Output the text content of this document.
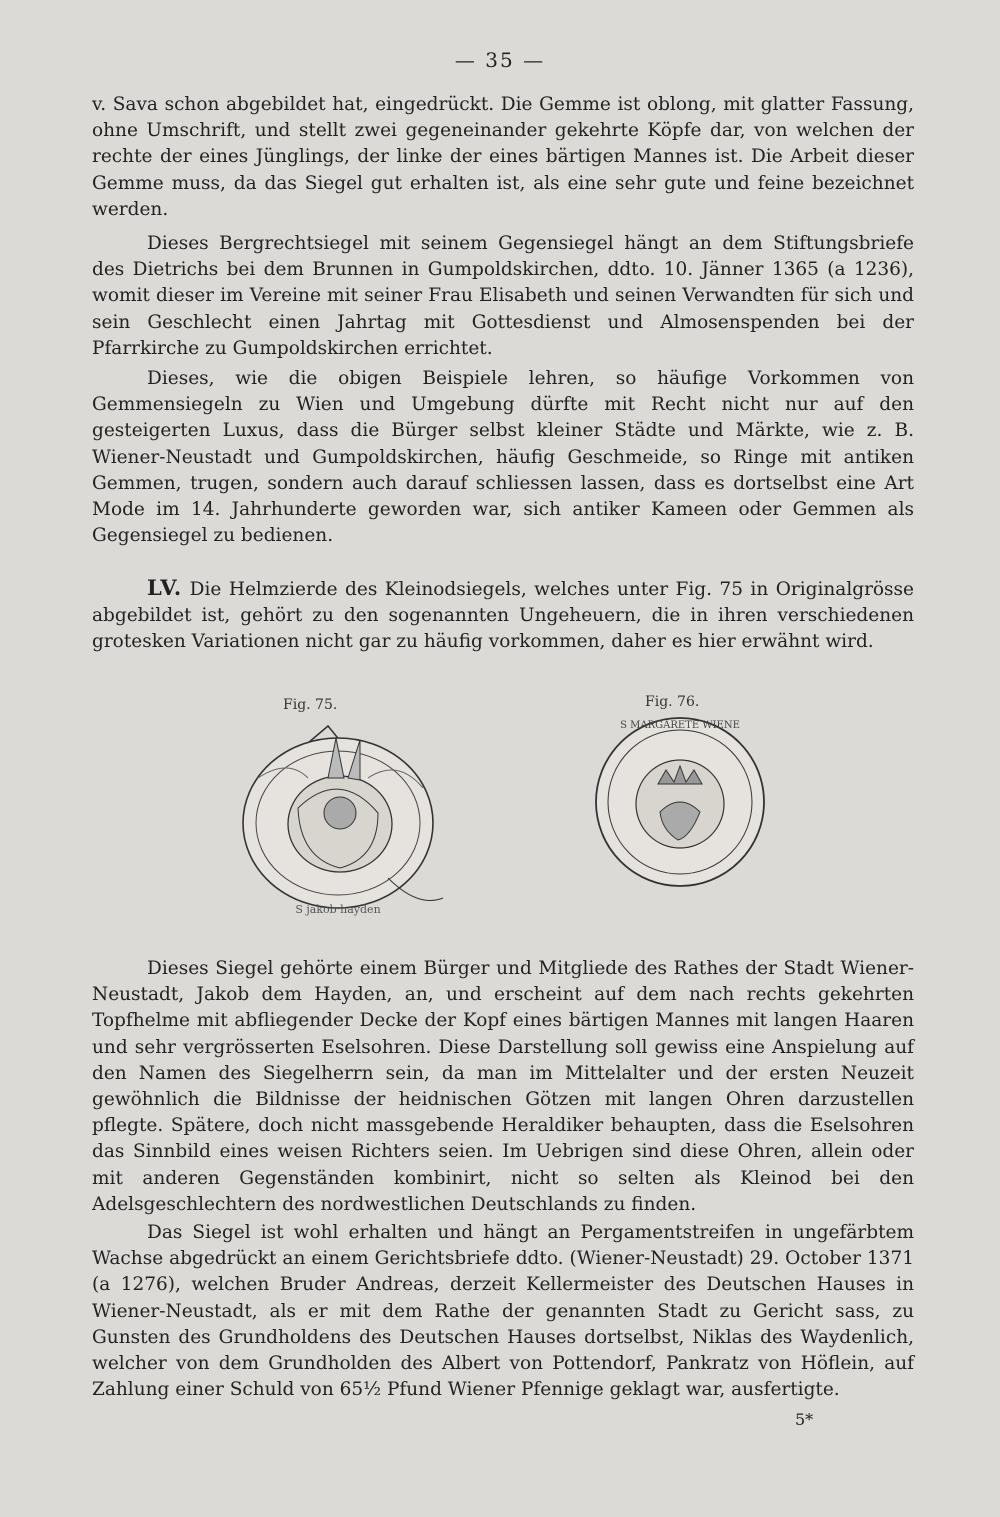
— 35 —

v. Sava schon abgebildet hat, eingedrückt. Die Gemme ist oblong, mit glatter Fassung, ohne Umschrift, und stellt zwei gegeneinander gekehrte Köpfe dar, von welchen der rechte der eines Jünglings, der linke der eines bärtigen Mannes ist. Die Arbeit dieser Gemme muss, da das Siegel gut erhalten ist, als eine sehr gute und feine bezeichnet werden.

Dieses Bergrechtsiegel mit seinem Gegensiegel hängt an dem Stiftungsbriefe des Dietrichs bei dem Brunnen in Gumpoldskirchen, ddto. 10. Jänner 1365 (a 1236), womit dieser im Vereine mit seiner Frau Elisabeth und seinen Verwandten für sich und sein Geschlecht einen Jahrtag mit Gottesdienst und Almosenspenden bei der Pfarrkirche zu Gumpoldskirchen errichtet.

Dieses, wie die obigen Beispiele lehren, so häufige Vorkommen von Gemmensiegeln zu Wien und Umgebung dürfte mit Recht nicht nur auf den gesteigerten Luxus, dass die Bürger selbst kleiner Städte und Märkte, wie z. B. Wiener-Neustadt und Gumpoldskirchen, häufig Geschmeide, so Ringe mit antiken Gemmen, trugen, sondern auch darauf schliessen lassen, dass es dortselbst eine Art Mode im 14. Jahrhunderte geworden war, sich antiker Kameen oder Gemmen als Gegensiegel zu bedienen.

LV. Die Helmzierde des Kleinodsiegels, welches unter Fig. 75 in Originalgrösse abgebildet ist, gehört zu den sogenannten Ungeheuern, die in ihren verschiedenen grotesken Variationen nicht gar zu häufig vorkommen, daher es hier erwähnt wird.

Fig. 75.	Fig. 76.
S jakob hayden
S MARGARETE WIENE

Dieses Siegel gehörte einem Bürger und Mitgliede des Rathes der Stadt Wiener-Neustadt, Jakob dem Hayden, an, und erscheint auf dem nach rechts gekehrten Topfhelme mit abfliegender Decke der Kopf eines bärtigen Mannes mit langen Haaren und sehr vergrösserten Eselsohren. Diese Darstellung soll gewiss eine Anspielung auf den Namen des Siegelherrn sein, da man im Mittelalter und der ersten Neuzeit gewöhnlich die Bildnisse der heidnischen Götzen mit langen Ohren darzustellen pflegte. Spätere, doch nicht massgebende Heraldiker behaupten, dass die Eselsohren das Sinnbild eines weisen Richters seien. Im Uebrigen sind diese Ohren, allein oder mit anderen Gegenständen kombinirt, nicht so selten als Kleinod bei den Adelsgeschlechtern des nordwestlichen Deutschlands zu finden.

Das Siegel ist wohl erhalten und hängt an Pergamentstreifen in ungefärbtem Wachse abgedrückt an einem Gerichtsbriefe ddto. (Wiener-Neustadt) 29. October 1371 (a 1276), welchen Bruder Andreas, derzeit Kellermeister des Deutschen Hauses in Wiener-Neustadt, als er mit dem Rathe der genannten Stadt zu Gericht sass, zu Gunsten des Grundholdens des Deutschen Hauses dortselbst, Niklas des Waydenlich, welcher von dem Grundholden des Albert von Pottendorf, Pankratz von Höflein, auf Zahlung einer Schuld von 65½ Pfund Wiener Pfennige geklagt war, ausfertigte.

5*
